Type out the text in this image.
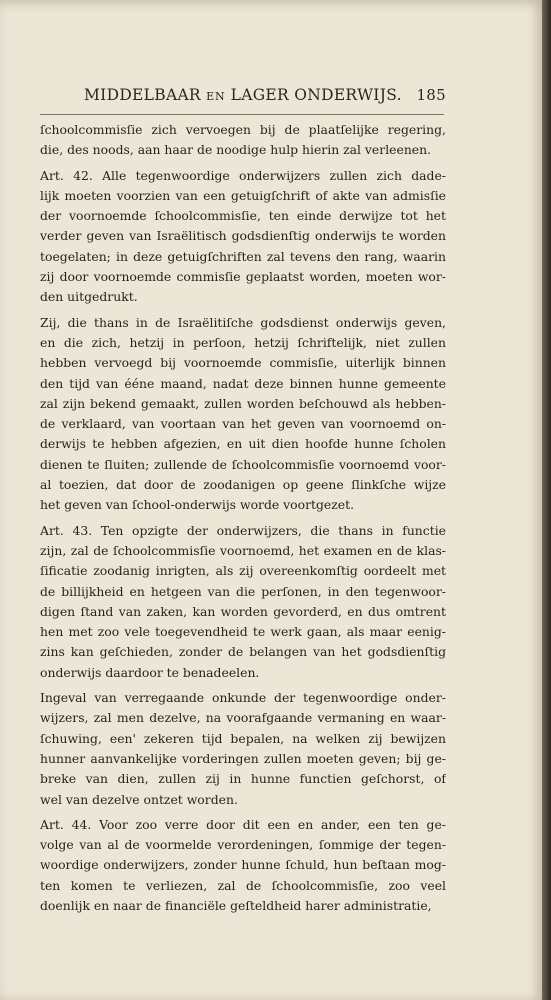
MIDDELBAAR EN LAGER ONDERWIJS. 185
ſchoolcommisſie zich vervoegen bij de plaatſelijke regering,
die, des noods, aan haar de noodige hulp hierin zal verleenen.
Art. 42. Alle tegenwoordige onderwijzers zullen zich dade-
lijk moeten voorzien van een getuigſchrift of akte van admisſie
der voornoemde ſchoolcommisſie, ten einde derwijze tot het
verder geven van Israëlitisch godsdienſtig onderwijs te worden
toegelaten; in deze getuigſchriften zal tevens den rang, waarin
zij door voornoemde commisſie geplaatst worden, moeten wor-
den uitgedrukt.
Zij, die thans in de Israëlitiſche godsdienst onderwijs geven,
en die zich, hetzij in perſoon, hetzij ſchriftelijk, niet zullen
hebben vervoegd bij voornoemde commisſie, uiterlijk binnen
den tijd van ééne maand, nadat deze binnen hunne gemeente
zal zijn bekend gemaakt, zullen worden beſchouwd als hebben-
de verklaard, van voortaan van het geven van voornoemd on-
derwijs te hebben afgezien, en uit dien hoofde hunne ſcholen
dienen te ſluiten; zullende de ſchoolcommisſie voornoemd voor-
al toezien, dat door de zoodanigen op geene ſlinkſche wijze
het geven van ſchool-onderwijs worde voortgezet.
Art. 43. Ten opzigte der onderwijzers, die thans in functie
zijn, zal de ſchoolcommisſie voornoemd, het examen en de klas-
ſificatie zoodanig inrigten, als zij overeenkomſtig oordeelt met
de billijkheid en hetgeen van die perſonen, in den tegenwoor-
digen ſtand van zaken, kan worden gevorderd, en dus omtrent
hen met zoo vele toegevendheid te werk gaan, als maar eenig-
zins kan geſchieden, zonder de belangen van het godsdienſtig
onderwijs daardoor te benadeelen.
Ingeval van verregaande onkunde der tegenwoordige onder-
wijzers, zal men dezelve, na voorafgaande vermaning en waar-
ſchuwing, een' zekeren tijd bepalen, na welken zij bewijzen
hunner aanvankelijke vorderingen zullen moeten geven; bij ge-
breke van dien, zullen zij in hunne functien geſchorst, of
wel van dezelve ontzet worden.
Art. 44. Voor zoo verre door dit een en ander, een ten ge-
volge van al de voormelde verordeningen, ſommige der tegen-
woordige onderwijzers, zonder hunne ſchuld, hun beſtaan mog-
ten komen te verliezen, zal de ſchoolcommisſie, zoo veel
doenlijk en naar de financiële geſteldheid harer administratie,
